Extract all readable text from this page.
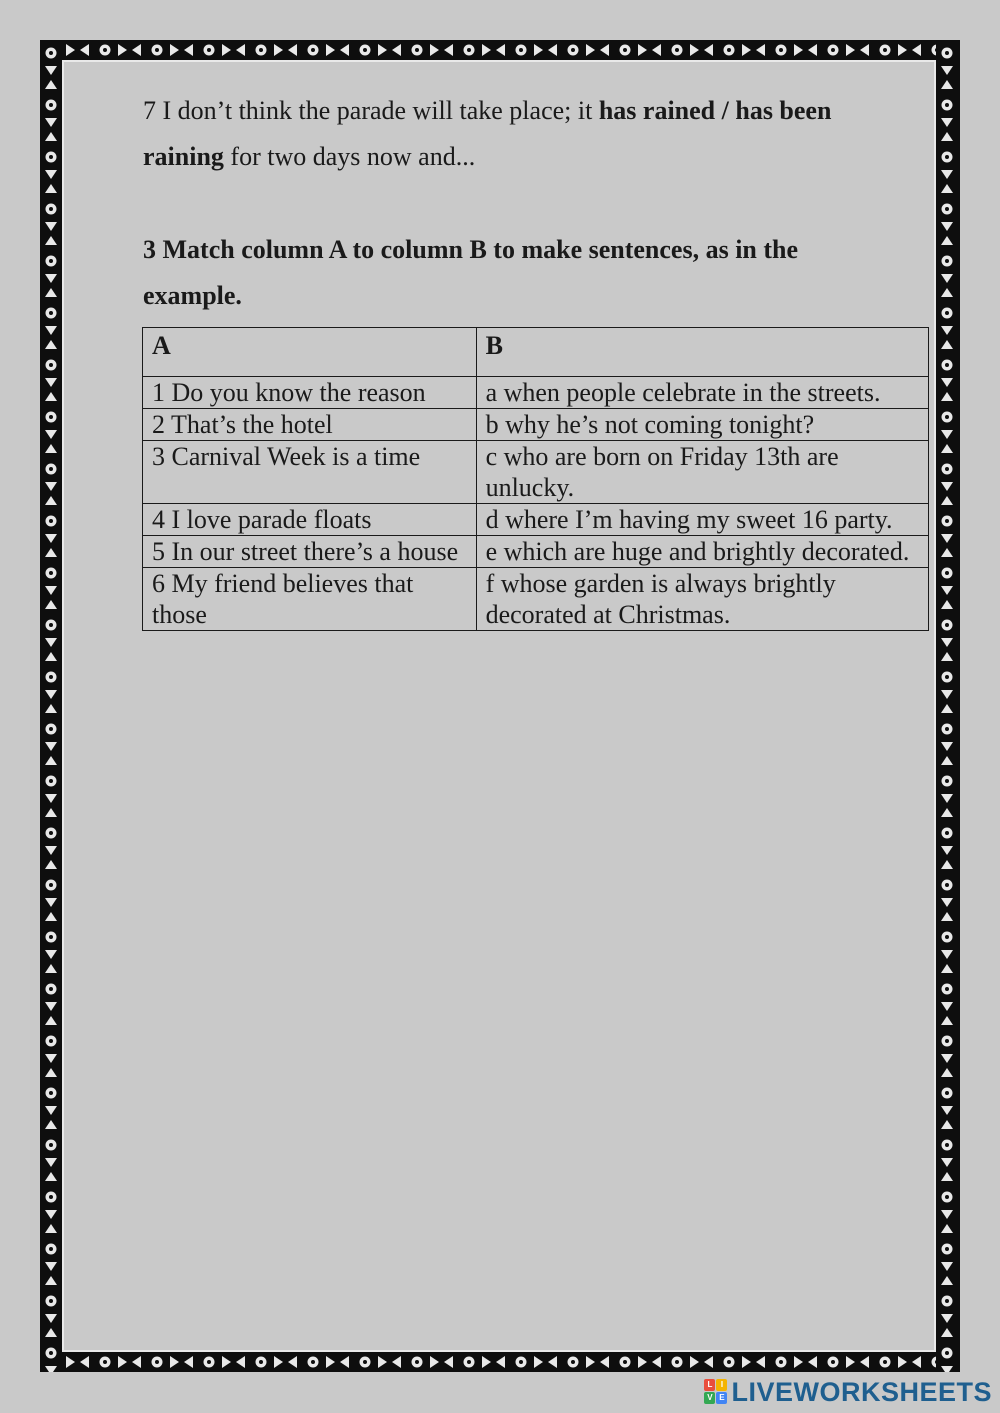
7 I don’t think the parade will take place; it has rained / has been
raining for two days now and...

3 Match column A to column B to make sentences, as in the
example.

A	B
1 Do you know the reason	a when people celebrate in the streets.
2 That’s the hotel	b why he’s not coming tonight?
3 Carnival Week is a time	c who are born on Friday 13th are unlucky.
4 I love parade floats	d where I’m having my sweet 16 party.
5 In our street there’s a house	e which are huge and brightly decorated.
6 My friend believes that those	f whose garden is always brightly decorated at Christmas.
L	I
V E LIVEWORKSHEETS
